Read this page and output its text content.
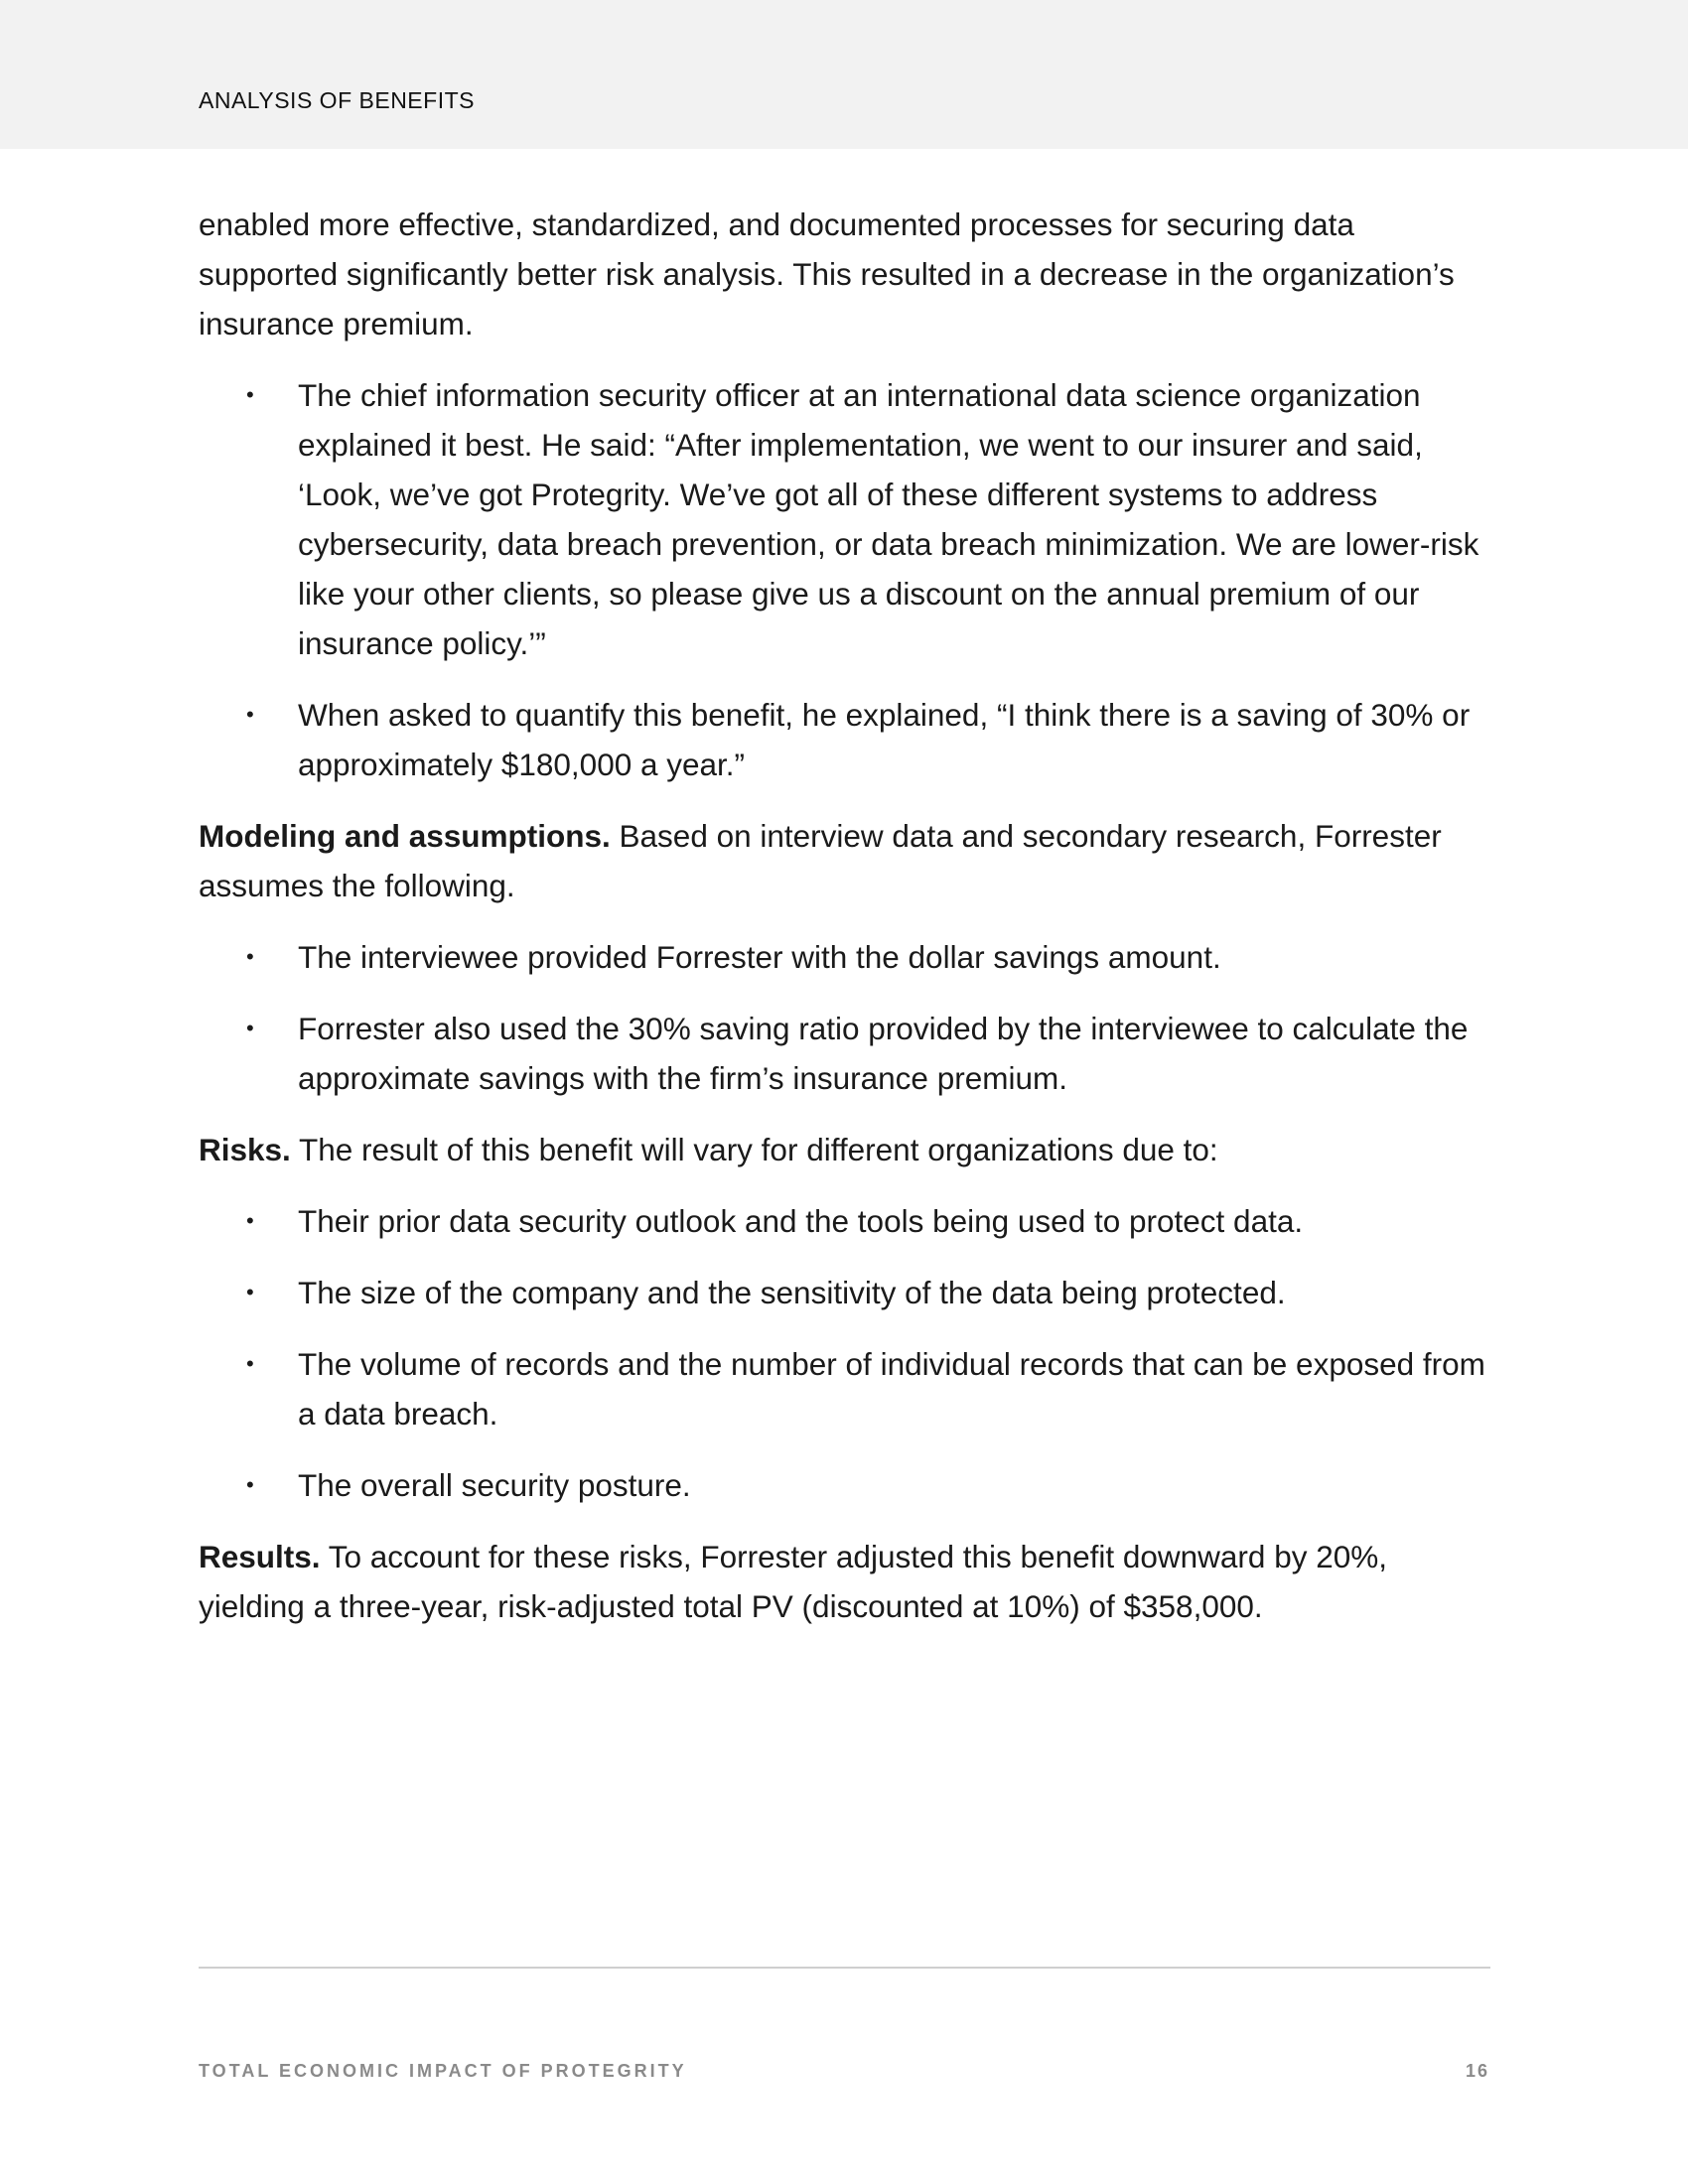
ANALYSIS OF BENEFITS

enabled more effective, standardized, and documented processes for securing data supported significantly better risk analysis. This resulted in a decrease in the organization’s insurance premium.

• The chief information security officer at an international data science organization explained it best. He said: “After implementation, we went to our insurer and said, ‘Look, we’ve got Protegrity. We’ve got all of these different systems to address cybersecurity, data breach prevention, or data breach minimization. We are lower-risk like your other clients, so please give us a discount on the annual premium of our insurance policy.’”
• When asked to quantify this benefit, he explained, “I think there is a saving of 30% or approximately $180,000 a year.”

Modeling and assumptions. Based on interview data and secondary research, Forrester assumes the following.

• The interviewee provided Forrester with the dollar savings amount.
• Forrester also used the 30% saving ratio provided by the interviewee to calculate the approximate savings with the firm’s insurance premium.

Risks. The result of this benefit will vary for different organizations due to:

• Their prior data security outlook and the tools being used to protect data.
• The size of the company and the sensitivity of the data being protected.
• The volume of records and the number of individual records that can be exposed from a data breach.
• The overall security posture.

Results. To account for these risks, Forrester adjusted this benefit downward by 20%, yielding a three-year, risk-adjusted total PV (discounted at 10%) of $358,000.

TOTAL ECONOMIC IMPACT OF PROTEGRITY	16
